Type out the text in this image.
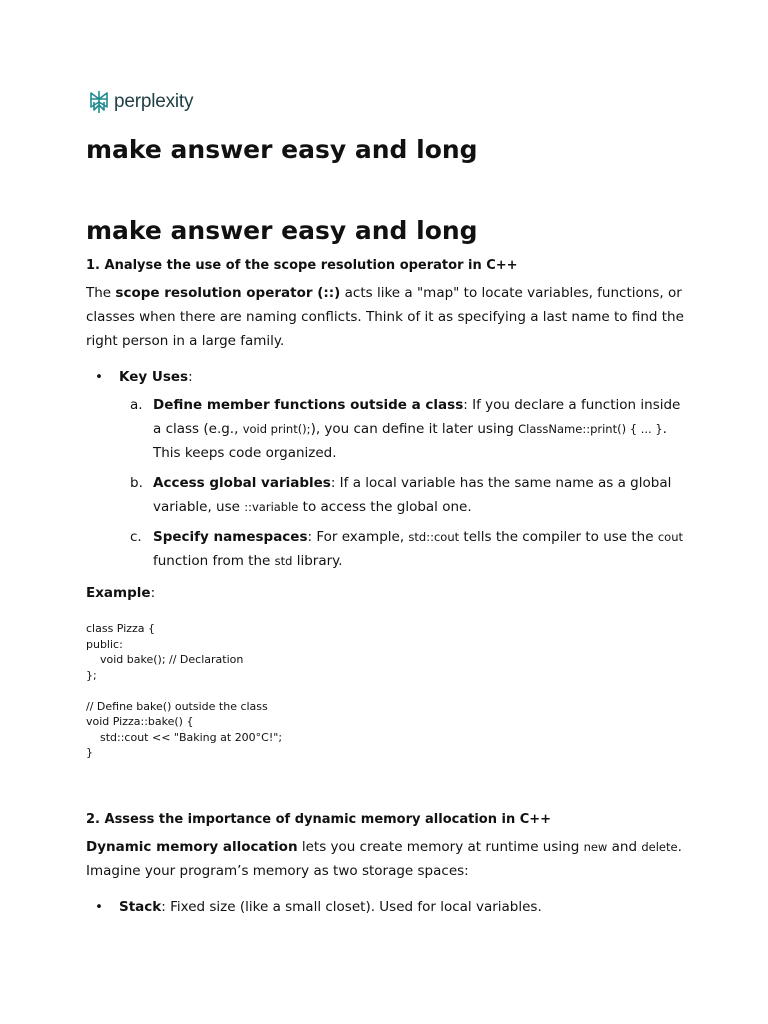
perplexity
make answer easy and long
make answer easy and long
1. Analyse the use of the scope resolution operator in C++

The scope resolution operator (::) acts like a "map" to locate variables, functions, or classes when there are naming conflicts. Think of it as specifying a last name to find the right person in a large family.

• Key Uses:
a. Define member functions outside a class: If you declare a function inside a class (e.g., void print();), you can define it later using ClassName::print() { ... }. This keeps code organized.
b. Access global variables: If a local variable has the same name as a global variable, use ::variable to access the global one.
c. Specify namespaces: For example, std::cout tells the compiler to use the cout function from the std library.

Example:

class Pizza {
public:
void bake(); // Declaration
};

// Define bake() outside the class
void Pizza::bake() {
std::cout << "Baking at 200°C!";
}
2. Assess the importance of dynamic memory allocation in C++

Dynamic memory allocation lets you create memory at runtime using new and delete. Imagine your program’s memory as two storage spaces:

• Stack: Fixed size (like a small closet). Used for local variables.
